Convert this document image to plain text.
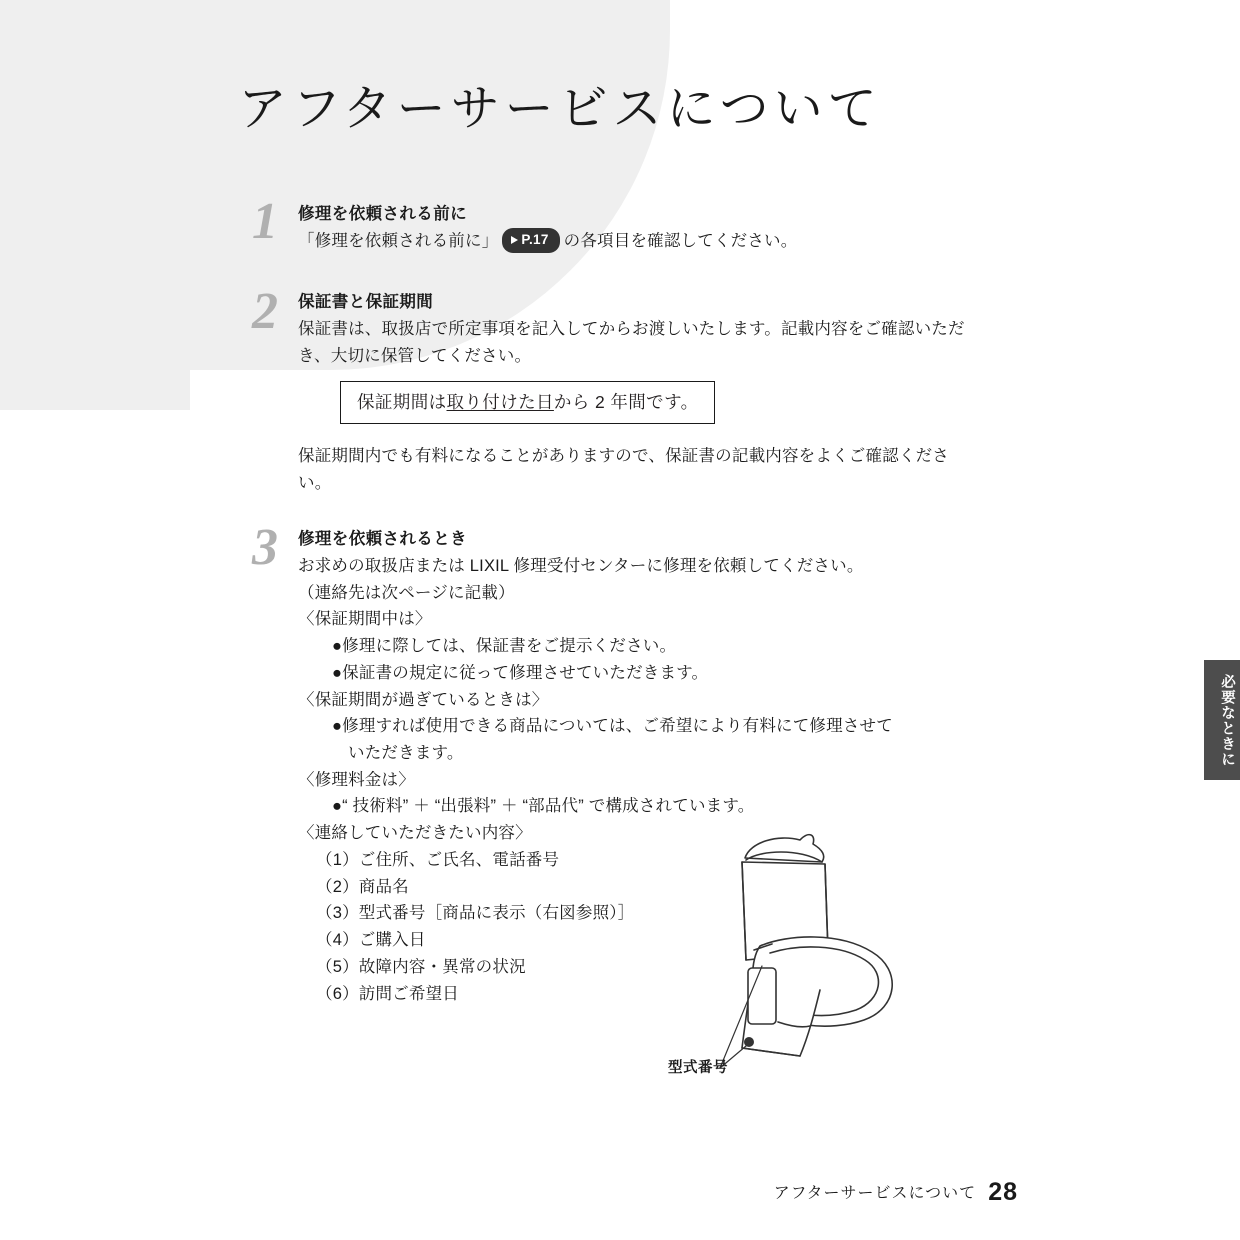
アフターサービスについて
1 修理を依頼される前に
「修理を依頼される前に」 P.17 の各項目を確認してください。
2 保証書と保証期間
保証書は、取扱店で所定事項を記入してからお渡しいたします。記載内容をご確認いただき、大切に保管してください。
保証期間は取り付けた日から 2 年間です。
保証期間内でも有料になることがありますので、保証書の記載内容をよくご確認ください。
3 修理を依頼されるとき
お求めの取扱店または LIXIL 修理受付センターに修理を依頼してください。
（連絡先は次ページに記載）
〈保証期間中は〉
●修理に際しては、保証書をご提示ください。
●保証書の規定に従って修理させていただきます。
〈保証期間が過ぎているときは〉
●修理すれば使用できる商品については、ご希望により有料にて修理させて
いただきます。
〈修理料金は〉
●“ 技術料” ＋ “出張料” ＋ “部品代” で構成されています。
〈連絡していただきたい内容〉
（1）ご住所、ご氏名、電話番号
（2）商品名
（3）型式番号［商品に表示（右図参照）］
（4）ご購入日
（5）故障内容・異常の状況
（6）訪問ご希望日
型式番号
必要なときに
アフターサービスについて 28
